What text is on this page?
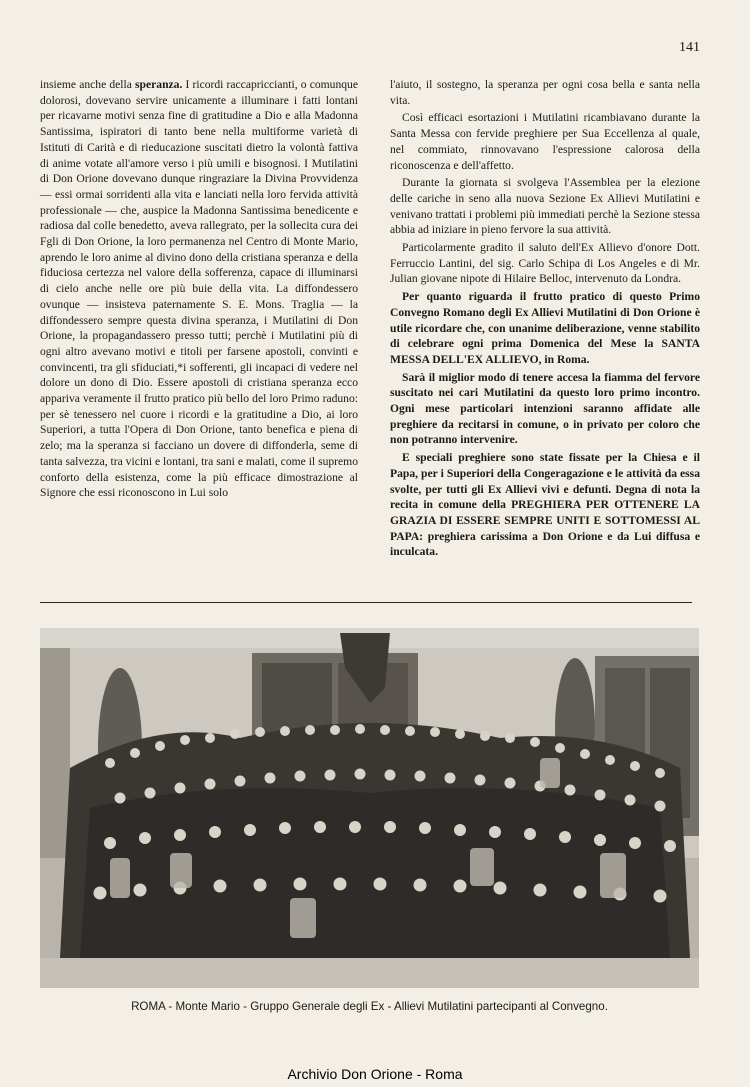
141

insieme anche della speranza. I ricordi raccapriccianti, o comunque dolorosi, dovevano servire unicamente a illuminare i fatti lontani per ricavarne motivi senza fine di gratitudine a Dio e alla Madonna Santissima, ispiratori di tanto bene nella multiforme varietà di Istituti di Carità e di rieducazione suscitati dietro la volontà fattiva di anime votate all'amore verso i più umili e bisognosi. I Mutilatini di Don Orione dovevano dunque ringraziare la Divina Provvidenza — essi ormai sorridenti alla vita e lanciati nella loro fervida attività professionale — che, auspice la Madonna Santissima benedicente e radiosa dal colle benedetto, aveva rallegrato, per la sollecita cura dei Fgli di Don Orione, la loro permanenza nel Centro di Monte Mario, aprendo le loro anime al divino dono della cristiana speranza e della fiduciosa certezza nel valore della sofferenza, capace di illuminarsi di cielo anche nelle ore più buie della vita. La diffondessero ovunque — insisteva paternamente S. E. Mons. Traglia — la diffondessero sempre questa divina speranza, i Mutilatini di Don Orione, la propagandassero presso tutti; perchè i Mutilatini più di ogni altro avevano motivi e titoli per farsene apostoli, convinti e convincenti, tra gli sfiduciati,*i sofferenti, gli incapaci di vedere nel dolore un dono di Dio. Essere apostoli di cristiana speranza ecco appariva veramente il frutto pratico più bello del loro Primo raduno: per sè tenessero nel cuore i ricordi e la gratitudine a Dio, ai loro Superiori, a tutta l'Opera di Don Orione, tanto benefica e piena di zelo; ma la speranza si facciano un dovere di diffonderla, seme di tanta salvezza, tra vicini e lontani, tra sani e malati, come il supremo conforto della esistenza, come la più efficace dimostrazione al Signore che essi riconoscono in Lui solo

l'aiuto, il sostegno, la speranza per ogni cosa bella e santa nella vita.

Così efficaci esortazioni i Mutilatini ricambiavano durante la Santa Messa con fervide preghiere per Sua Eccellenza al quale, nel commiato, rinnovavano l'espressione calorosa della riconoscenza e dell'affetto.

Durante la giornata si svolgeva l'Assemblea per la elezione delle cariche in seno alla nuova Sezione Ex Allievi Mutilatini e venivano trattati i problemi più immediati perchè la Sezione stessa abbia ad iniziare in pieno fervore la sua attività.

Particolarmente gradito il saluto dell'Ex Allievo d'onore Dott. Ferruccio Lantini, del sig. Carlo Schipa di Los Angeles e di Mr. Julian giovane nipote di Hilaire Belloc, intervenuto da Londra.

Per quanto riguarda il frutto pratico di questo Primo Convegno Romano degli Ex Allievi Mutilatini di Don Orione è utile ricordare che, con unanime deliberazione, venne stabilito di celebrare ogni prima Domenica del Mese la SANTA MESSA DELL'EX ALLIEVO, in Roma.

Sarà il miglior modo di tenere accesa la fiamma del fervore suscitato nei cari Mutilatini da questo loro primo incontro. Ogni mese particolari intenzioni saranno affidate alle preghiere da recitarsi in comune, o in privato per coloro che non potranno intervenire.

E speciali preghiere sono state fissate per la Chiesa e il Papa, per i Superiori della Congeragazione e le attività da essa svolte, per tutti gli Ex Allievi vivi e defunti. Degna di nota la recita in comune della PREGHIERA PER OTTENERE LA GRAZIA DI ESSERE SEMPRE UNITI E SOTTOMESSI AL PAPA: preghiera carissima a Don Orione e da Lui diffusa e inculcata.

ROMA - Monte Mario - Gruppo Generale degli Ex - Allievi Mutilatini partecipanti al Convegno.
Archivio Don Orione - Roma
